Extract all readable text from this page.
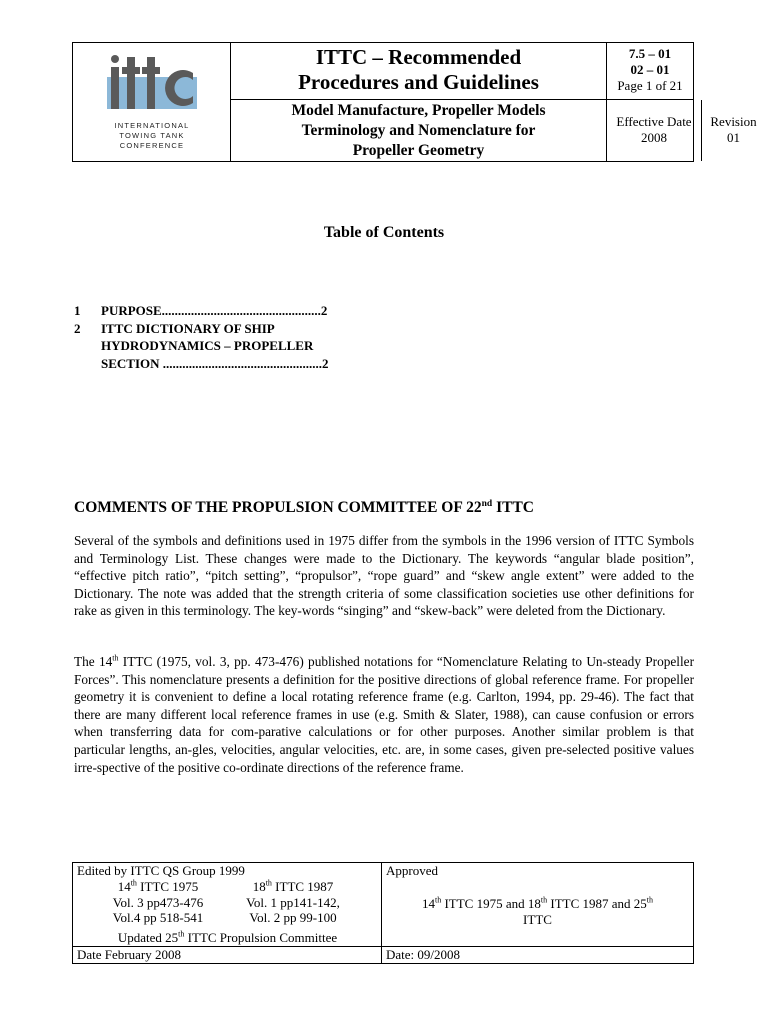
INTERNATIONAL
TOWING TANK
CONFERENCE
ITTC – Recommended
Procedures and Guidelines
Model Manufacture, Propeller Models
Terminology and Nomenclature for
Propeller Geometry
7.5 – 01
02 – 01
Page 1 of 21
Effective Date
2008
Revision
01
Table of Contents
1 PURPOSE.................................................2
2 ITTC DICTIONARY OF SHIP
HYDRODYNAMICS – PROPELLER
SECTION .................................................2
COMMENTS OF THE PROPULSION COMMITTEE OF 22nd ITTC
Several of the symbols and definitions used in 1975 differ from the symbols in the 1996 version of ITTC Symbols and Terminology List. These changes were made to the Dictionary. The keywords “angular blade position”, “effective pitch ratio”, “pitch setting”, “propulsor”, “rope guard” and “skew angle extent” were added to the Dictionary. The note was added that the strength criteria of some classification societies use other definitions for rake as given in this terminology. The key-words “singing” and “skew-back” were deleted from the Dictionary.
The 14th ITTC (1975, vol. 3, pp. 473-476) published notations for “Nomenclature Relating to Un-steady Propeller Forces”. This nomenclature presents a definition for the positive directions of global reference frame. For propeller geometry it is convenient to define a local rotating reference frame (e.g. Carlton, 1994, pp. 29-46). The fact that there are many different local reference frames in use (e.g. Smith & Slater, 1988), can cause confusion or errors when transferring data for com-parative calculations or for other purposes. Another similar problem is that particular lengths, an-gles, velocities, angular velocities, etc. are, in some cases, given pre-selected positive values irre-spective of the positive co-ordinate directions of the reference frame.
Edited by ITTC QS Group 1999
14th ITTC 1975	18th ITTC 1987
Vol. 3 pp473-476	Vol. 1 pp141-142,
Vol.4 pp 518-541	Vol. 2 pp 99-100
Updated 25th ITTC Propulsion Committee
Approved
14th ITTC 1975 and 18th ITTC 1987 and 25th
ITTC
Date February 2008	Date: 09/2008
